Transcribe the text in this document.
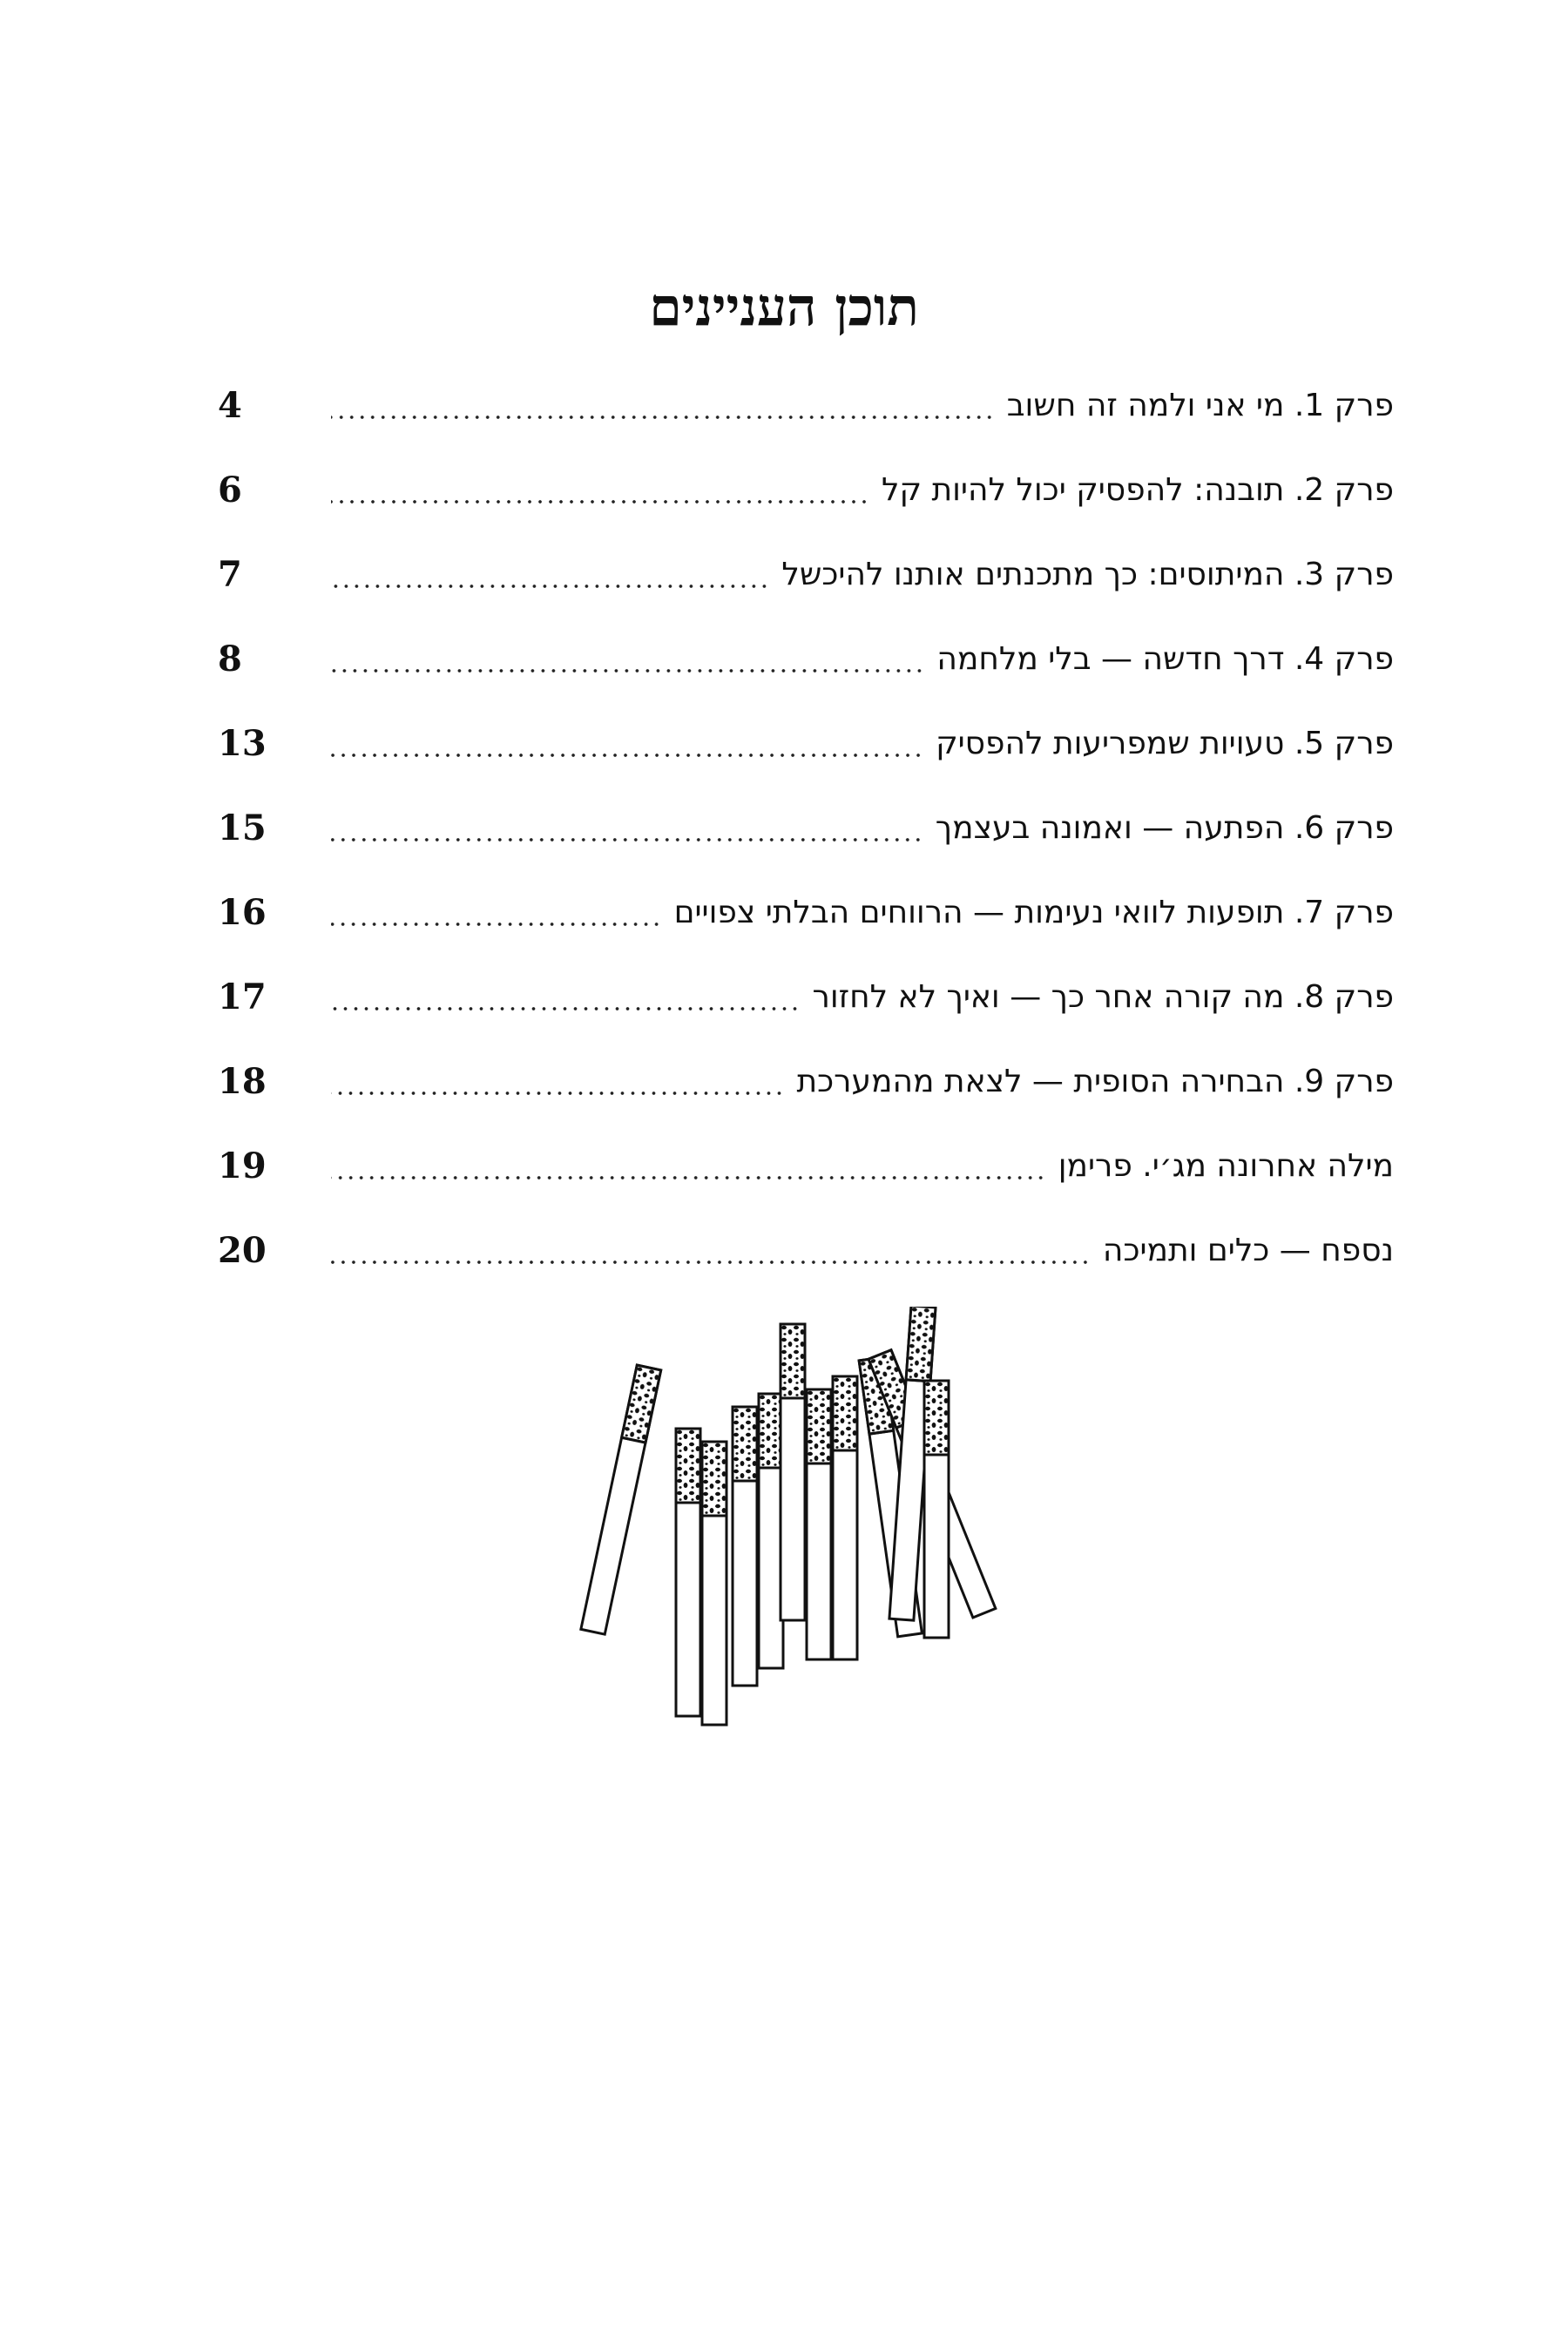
תוכן העניינים
4	פרק 1. מי אני ולמה זה חשוב
6	פרק 2. תובנה: להפסיק יכול להיות קל
7	פרק 3. המיתוסים: כך מתכנתים אותנו להיכשל
8	פרק 4. דרך חדשה — בלי מלחמה
13	פרק 5. טעויות שמפריעות להפסיק
15	פרק 6. הפתעה — ואמונה בעצמך
16	פרק 7. תופעות לוואי נעימות — הרווחים הבלתי צפויים
17	פרק 8. מה קורה אחר כך — ואיך לא לחזור
18	פרק 9. הבחירה הסופית — לצאת מהמערכת
19	מילה אחרונה מג׳י. פרימן
20	נספח — כלים ותמיכה
